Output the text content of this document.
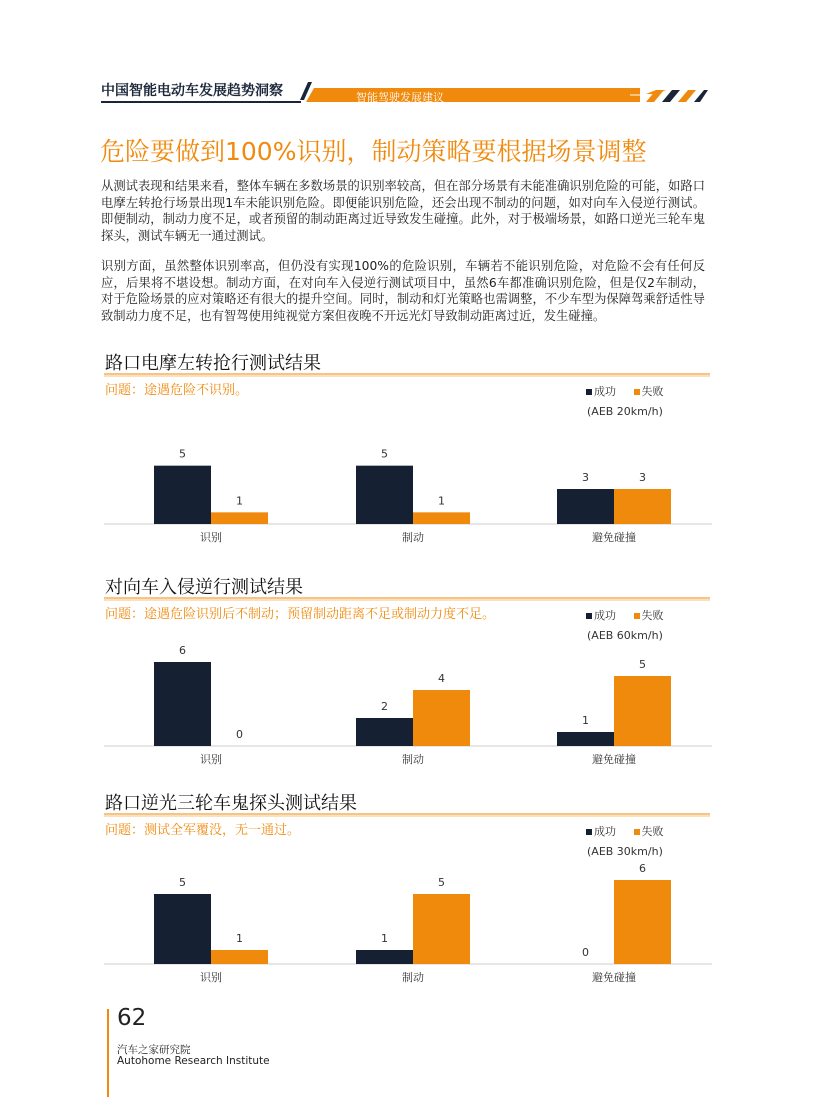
中国智能电动车发展趋势洞察	智能驾驶发展建议
危险要做到100%识别，制动策略要根据场景调整

从测试表现和结果来看，整体车辆在多数场景的识别率较高，但在部分场景有未能准确识别危险的可能，如路口电摩左转抢行场景出现1车未能识别危险。即便能识别危险，还会出现不制动的问题，如对向车入侵逆行测试。即便制动，制动力度不足，或者预留的制动距离过近导致发生碰撞。此外，对于极端场景，如路口逆光三轮车鬼探头，测试车辆无一通过测试。

识别方面，虽然整体识别率高，但仍没有实现100%的危险识别，车辆若不能识别危险，对危险不会有任何反应，后果将不堪设想。制动方面，在对向车入侵逆行测试项目中，虽然6车都准确识别危险，但是仅2车制动，对于危险场景的应对策略还有很大的提升空间。同时，制动和灯光策略也需调整，不少车型为保障驾乘舒适性导致制动力度不足，也有智驾使用纯视觉方案但夜晚不开远光灯导致制动距离过近，发生碰撞。

路口电摩左转抢行测试结果
问题：途遇危险不识别。	成功 失败
(AEB 20km/h)
5
1
识别
5
1
制动
3	3
避免碰撞
对向车入侵逆行测试结果
问题：途遇危险识别后不制动；预留制动距离不足或制动力度不足。	成功 失败
(AEB 60km/h)
6
0
识别
2
4
制动
1
5
避免碰撞
路口逆光三轮车鬼探头测试结果
问题：测试全军覆没，无一通过。	成功 失败
(AEB 30km/h)
5
1
识别
1
5
制动
0
6
避免碰撞
62
汽车之家研究院
Autohome Research Institute
